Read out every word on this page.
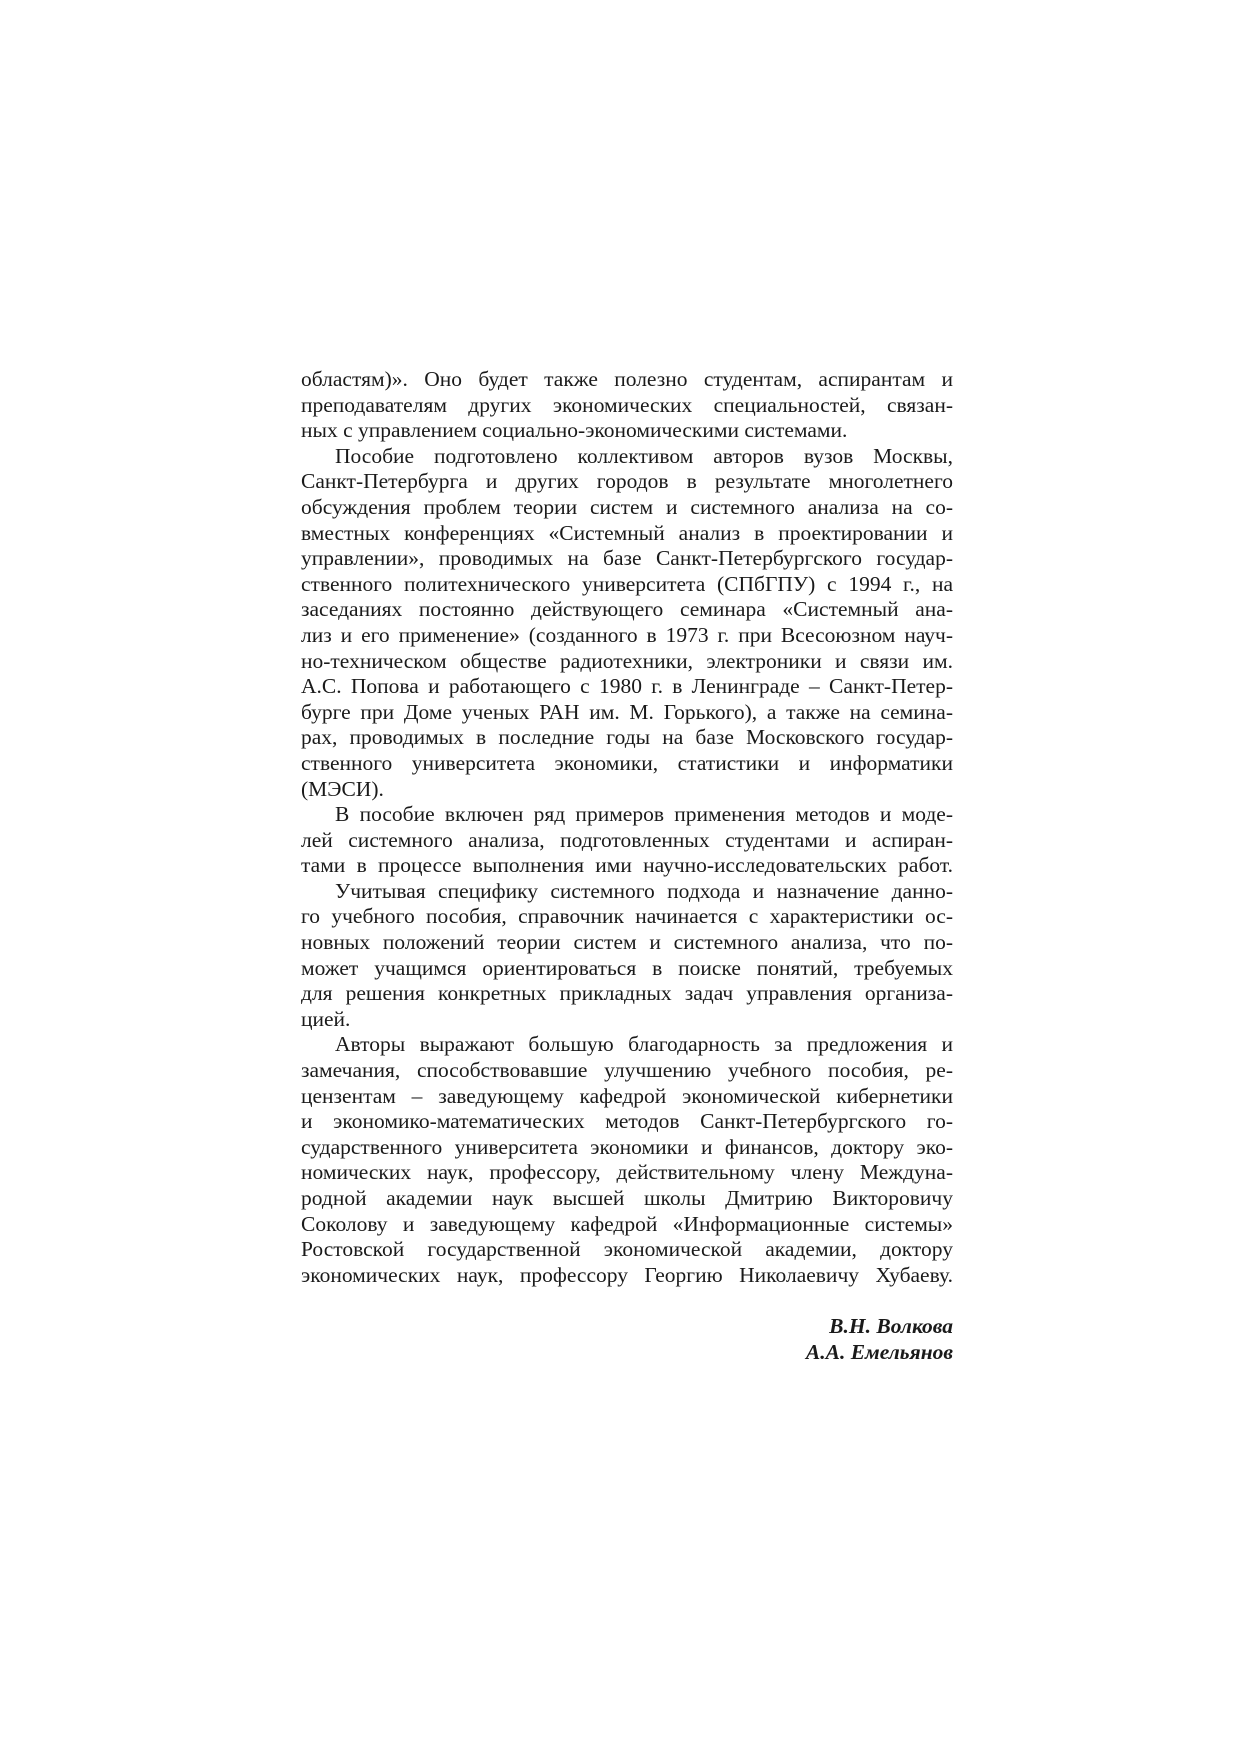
областям)». Оно будет также полезно студентам, аспирантам и
преподавателям других экономических специальностей, связан-
ных с управлением социально-экономическими системами.
Пособие подготовлено коллективом авторов вузов Москвы,
Санкт-Петербурга и других городов в результате многолетнего
обсуждения проблем теории систем и системного анализа на со-
вместных конференциях «Системный анализ в проектировании и
управлении», проводимых на базе Санкт-Петербургского государ-
ственного политехнического университета (СПбГПУ) с 1994 г., на
заседаниях постоянно действующего семинара «Системный ана-
лиз и его применение» (созданного в 1973 г. при Всесоюзном науч-
но-техническом обществе радиотехники, электроники и связи им.
А.С. Попова и работающего с 1980 г. в Ленинграде – Санкт-Петер-
бурге при Доме ученых РАН им. М. Горького), а также на семина-
рах, проводимых в последние годы на базе Московского государ-
ственного университета экономики, статистики и информатики
(МЭСИ).
В пособие включен ряд примеров применения методов и моде-
лей системного анализа, подготовленных студентами и аспиран-
тами в процессе выполнения ими научно-исследовательских работ.
Учитывая специфику системного подхода и назначение данно-
го учебного пособия, справочник начинается с характеристики ос-
новных положений теории систем и системного анализа, что по-
может учащимся ориентироваться в поиске понятий, требуемых
для решения конкретных прикладных задач управления организа-
цией.
Авторы выражают большую благодарность за предложения и
замечания, способствовавшие улучшению учебного пособия, ре-
цензентам – заведующему кафедрой экономической кибернетики
и экономико-математических методов Санкт-Петербургского го-
сударственного университета экономики и финансов, доктору эко-
номических наук, профессору, действительному члену Междуна-
родной академии наук высшей школы Дмитрию Викторовичу
Соколову и заведующему кафедрой «Информационные системы»
Ростовской государственной экономической академии, доктору
экономических наук, профессору Георгию Николаевичу Хубаеву.
В.Н. Волкова
А.А. Емельянов
